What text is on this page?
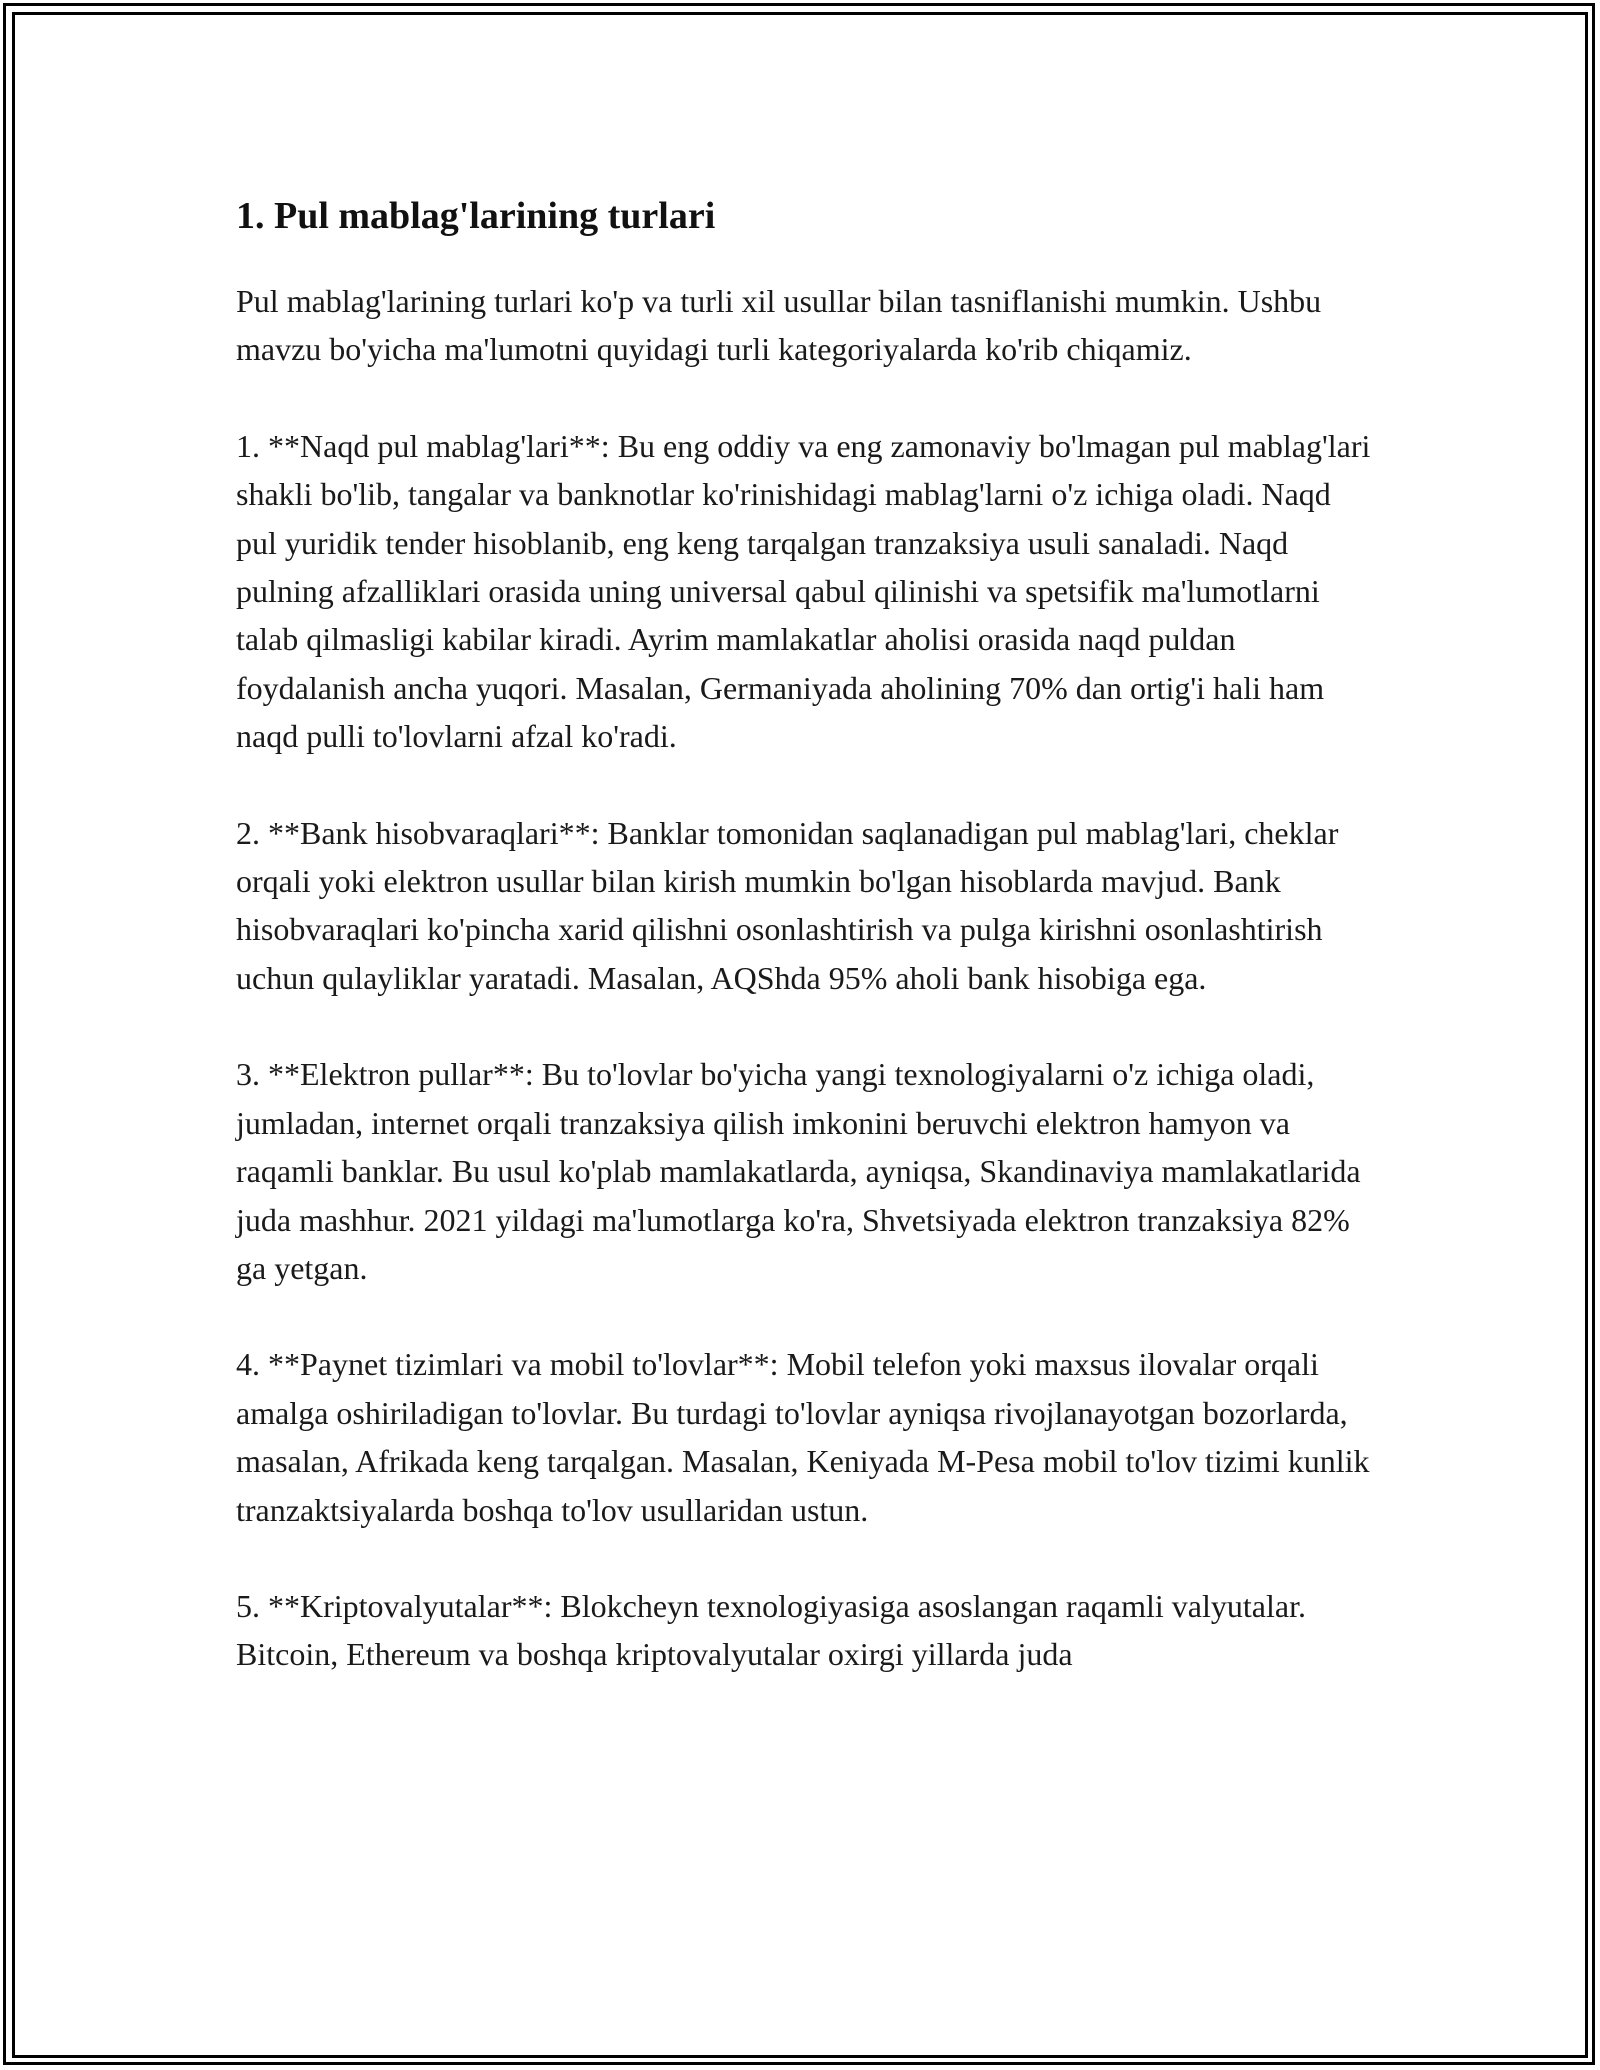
1. Pul mablag'larining turlari

Pul mablag'larining turlari ko'p va turli xil usullar bilan tasniflanishi mumkin. Ushbu mavzu bo'yicha ma'lumotni quyidagi turli kategoriyalarda ko'rib chiqamiz.

1. **Naqd pul mablag'lari**: Bu eng oddiy va eng zamonaviy bo'lmagan pul mablag'lari shakli bo'lib, tangalar va banknotlar ko'rinishidagi mablag'larni o'z ichiga oladi. Naqd pul yuridik tender hisoblanib, eng keng tarqalgan tranzaksiya usuli sanaladi. Naqd pulning afzalliklari orasida uning universal qabul qilinishi va spetsifik ma'lumotlarni talab qilmasligi kabilar kiradi. Ayrim mamlakatlar aholisi orasida naqd puldan foydalanish ancha yuqori. Masalan, Germaniyada aholining 70% dan ortig'i hali ham naqd pulli to'lovlarni afzal ko'radi.

2. **Bank hisobvaraqlari**: Banklar tomonidan saqlanadigan pul mablag'lari, cheklar orqali yoki elektron usullar bilan kirish mumkin bo'lgan hisoblarda mavjud. Bank hisobvaraqlari ko'pincha xarid qilishni osonlashtirish va pulga kirishni osonlashtirish uchun qulayliklar yaratadi. Masalan, AQShda 95% aholi bank hisobiga ega.

3. **Elektron pullar**: Bu to'lovlar bo'yicha yangi texnologiyalarni o'z ichiga oladi, jumladan, internet orqali tranzaksiya qilish imkonini beruvchi elektron hamyon va raqamli banklar. Bu usul ko'plab mamlakatlarda, ayniqsa, Skandinaviya mamlakatlarida juda mashhur. 2021 yildagi ma'lumotlarga ko'ra, Shvetsiyada elektron tranzaksiya 82% ga yetgan.

4. **Paynet tizimlari va mobil to'lovlar**: Mobil telefon yoki maxsus ilovalar orqali amalga oshiriladigan to'lovlar. Bu turdagi to'lovlar ayniqsa rivojlanayotgan bozorlarda, masalan, Afrikada keng tarqalgan. Masalan, Keniyada M-Pesa mobil to'lov tizimi kunlik tranzaktsiyalarda boshqa to'lov usullaridan ustun.

5. **Kriptovalyutalar**: Blokcheyn texnologiyasiga asoslangan raqamli valyutalar. Bitcoin, Ethereum va boshqa kriptovalyutalar oxirgi yillarda juda
